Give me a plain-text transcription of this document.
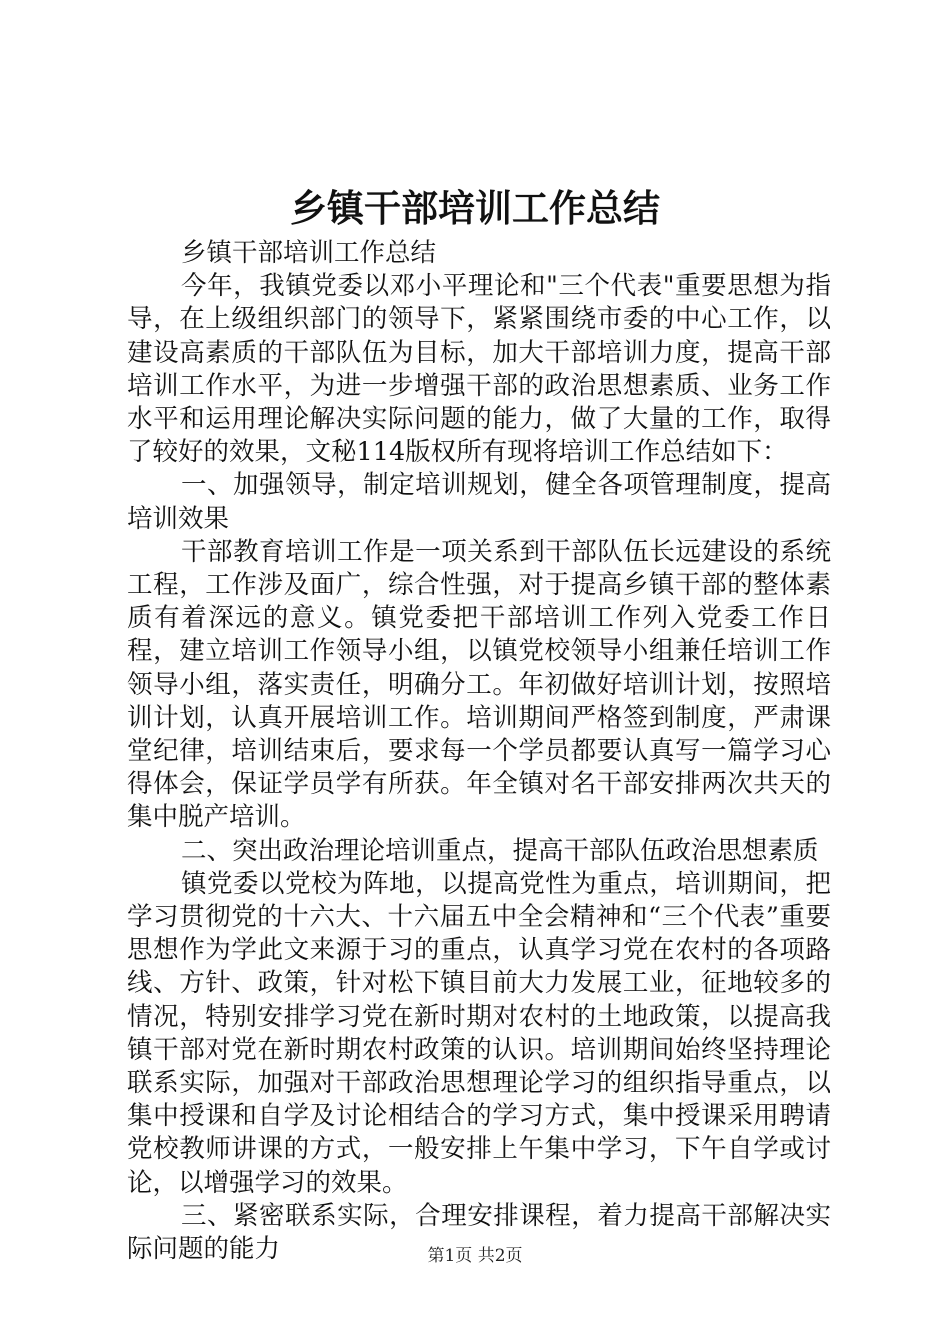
乡镇干部培训工作总结

乡镇干部培训工作总结

今年，我镇党委以邓小平理论和"三个代表"重要思想为指导，在上级组织部门的领导下，紧紧围绕市委的中心工作，以建设高素质的干部队伍为目标，加大干部培训力度，提高干部培训工作水平，为进一步增强干部的政治思想素质、业务工作水平和运用理论解决实际问题的能力，做了大量的工作，取得了较好的效果，文秘114版权所有现将培训工作总结如下：

一、加强领导，制定培训规划，健全各项管理制度，提高培训效果

干部教育培训工作是一项关系到干部队伍长远建设的系统工程，工作涉及面广，综合性强，对于提高乡镇干部的整体素质有着深远的意义。镇党委把干部培训工作列入党委工作日程，建立培训工作领导小组，以镇党校领导小组兼任培训工作领导小组，落实责任，明确分工。年初做好培训计划，按照培训计划，认真开展培训工作。培训期间严格签到制度，严肃课堂纪律，培训结束后，要求每一个学员都要认真写一篇学习心得体会，保证学员学有所获。年全镇对名干部安排两次共天的集中脱产培训。

二、突出政治理论培训重点，提高干部队伍政治思想素质

镇党委以党校为阵地，以提高党性为重点，培训期间，把学习贯彻党的十六大、十六届五中全会精神和“三个代表”重要思想作为学此文来源于习的重点，认真学习党在农村的各项路线、方针、政策，针对松下镇目前大力发展工业，征地较多的情况，特别安排学习党在新时期对农村的土地政策，以提高我镇干部对党在新时期农村政策的认识。培训期间始终坚持理论联系实际，加强对干部政治思想理论学习的组织指导重点，以集中授课和自学及讨论相结合的学习方式，集中授课采用聘请党校教师讲课的方式，一般安排上午集中学习，下午自学或讨论，以增强学习的效果。

三、紧密联系实际，合理安排课程，着力提高干部解决实际问题的能力	第1页 共2页
